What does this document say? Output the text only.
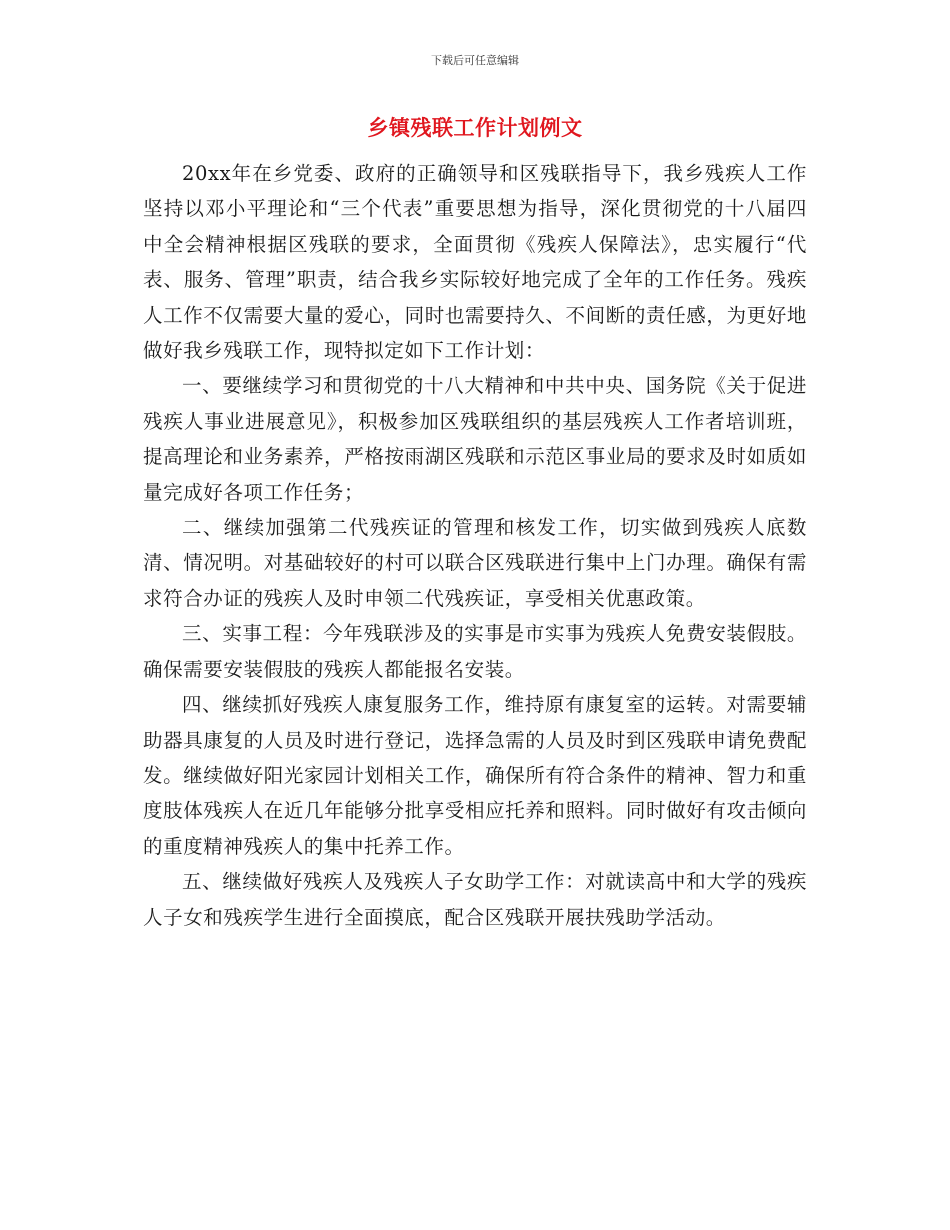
下载后可任意编辑
乡镇残联工作计划例文

20xx年在乡党委、政府的正确领导和区残联指导下，我乡残疾人工作坚持以邓小平理论和“三个代表”重要思想为指导，深化贯彻党的十八届四中全会精神根据区残联的要求，全面贯彻《残疾人保障法》，忠实履行“代表、服务、管理”职责，结合我乡实际较好地完成了全年的工作任务。残疾人工作不仅需要大量的爱心，同时也需要持久、不间断的责任感，为更好地做好我乡残联工作，现特拟定如下工作计划：

一、要继续学习和贯彻党的十八大精神和中共中央、国务院《关于促进残疾人事业进展意见》，积极参加区残联组织的基层残疾人工作者培训班，提高理论和业务素养，严格按雨湖区残联和示范区事业局的要求及时如质如量完成好各项工作任务；

二、继续加强第二代残疾证的管理和核发工作，切实做到残疾人底数清、情况明。对基础较好的村可以联合区残联进行集中上门办理。确保有需求符合办证的残疾人及时申领二代残疾证，享受相关优惠政策。

三、实事工程：今年残联涉及的实事是市实事为残疾人免费安装假肢。确保需要安装假肢的残疾人都能报名安装。

四、继续抓好残疾人康复服务工作，维持原有康复室的运转。对需要辅助器具康复的人员及时进行登记，选择急需的人员及时到区残联申请免费配发。继续做好阳光家园计划相关工作，确保所有符合条件的精神、智力和重度肢体残疾人在近几年能够分批享受相应托养和照料。同时做好有攻击倾向的重度精神残疾人的集中托养工作。

五、继续做好残疾人及残疾人子女助学工作：对就读高中和大学的残疾人子女和残疾学生进行全面摸底，配合区残联开展扶残助学活动。
